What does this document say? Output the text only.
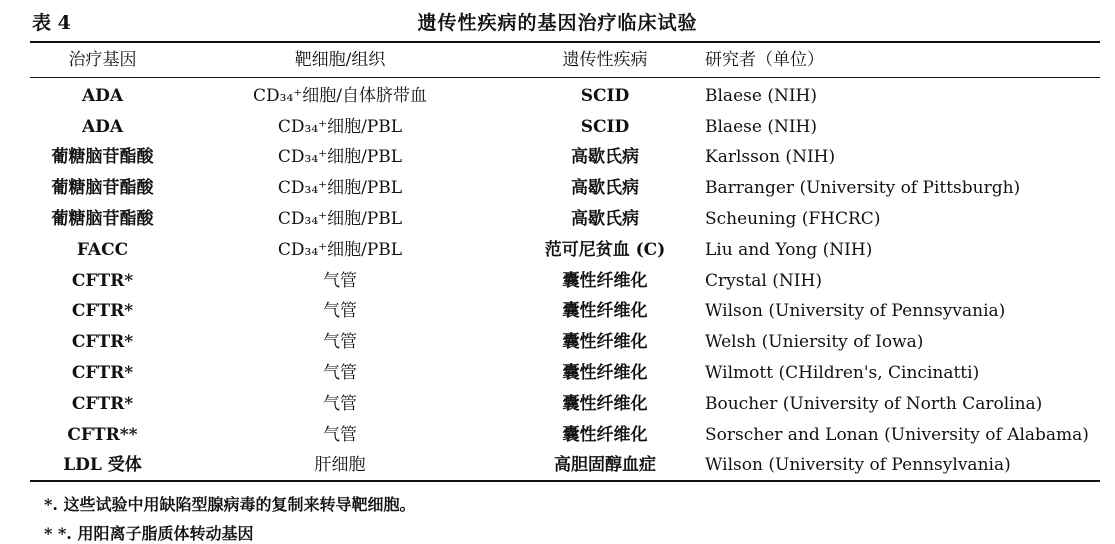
表 4	遗传性疾病的基因治疗临床试验
治疗基因	靶细胞/组织	遗传性疾病	研究者（单位）
ADA	CD₃₄⁺细胞/自体脐带血	SCID	Blaese (NIH)
ADA	CD₃₄⁺细胞/PBL	SCID	Blaese (NIH)
葡糖脑苷酯酸	CD₃₄⁺细胞/PBL	高歇氏病	Karlsson (NIH)
葡糖脑苷酯酸	CD₃₄⁺细胞/PBL	高歇氏病	Barranger (University of Pittsburgh)
葡糖脑苷酯酸	CD₃₄⁺细胞/PBL	高歇氏病	Scheuning (FHCRC)
FACC	CD₃₄⁺细胞/PBL	范可尼贫血 (C)	Liu and Yong (NIH)
CFTR*	气管	囊性纤维化	Crystal (NIH)
CFTR*	气管	囊性纤维化	Wilson (University of Pennsyvania)
CFTR*	气管	囊性纤维化	Welsh (Uniersity of Iowa)
CFTR*	气管	囊性纤维化	Wilmott (CHildren's, Cincinatti)
CFTR*	气管	囊性纤维化	Boucher (University of North Carolina)
CFTR**	气管	囊性纤维化	Sorscher and Lonan (University of Alabama)
LDL 受体	肝细胞	高胆固醇血症	Wilson (University of Pennsylvania)
*. 这些试验中用缺陷型腺病毒的复制来转导靶细胞。
* *. 用阳离子脂质体转动基因
